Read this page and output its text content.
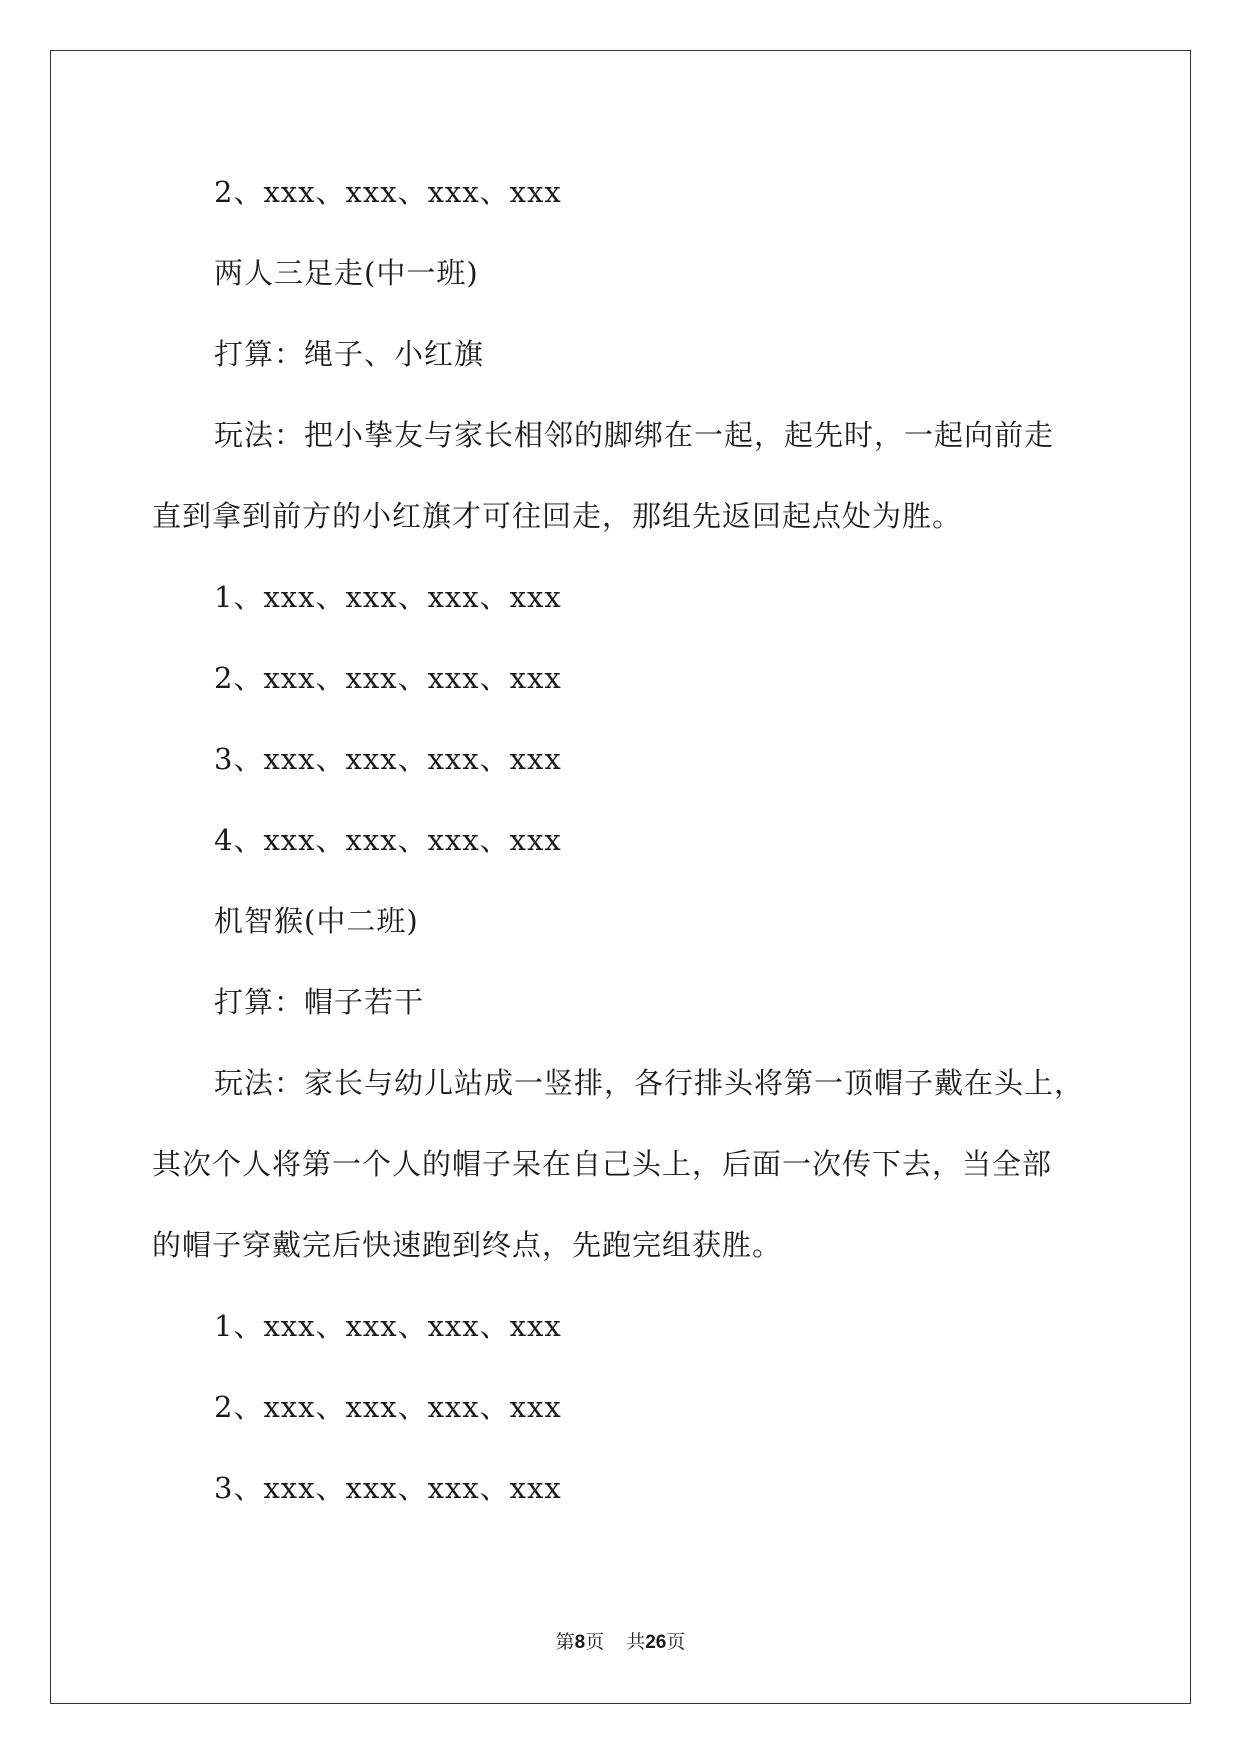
2、xxx、xxx、xxx、xxx
两人三足走(中一班)
打算：绳子、小红旗
玩法：把小挚友与家长相邻的脚绑在一起，起先时，一起向前走
直到拿到前方的小红旗才可往回走，那组先返回起点处为胜。
1、xxx、xxx、xxx、xxx
2、xxx、xxx、xxx、xxx
3、xxx、xxx、xxx、xxx
4、xxx、xxx、xxx、xxx
机智猴(中二班)
打算：帽子若干
玩法：家长与幼儿站成一竖排，各行排头将第一顶帽子戴在头上，
其次个人将第一个人的帽子呆在自己头上，后面一次传下去，当全部
的帽子穿戴完后快速跑到终点，先跑完组获胜。
1、xxx、xxx、xxx、xxx
2、xxx、xxx、xxx、xxx
3、xxx、xxx、xxx、xxx
第8页 共26页
